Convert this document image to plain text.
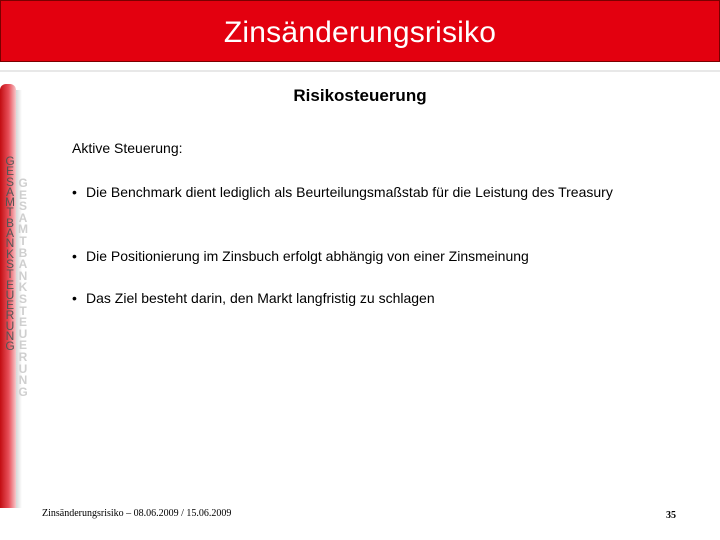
Zinsänderungsrisiko
G
E
S
A
M
T
B
A
N
K
S
T
E
U
E
R
U
N
G
G
E
S
A
M
T
B
A
N
K
S
T
E
U
E
R
U
N
G
Risikosteuerung
Aktive Steuerung:
• Die Benchmark dient lediglich als Beurteilungsmaßstab für die Leistung des Treasury
• Die Positionierung im Zinsbuch erfolgt abhängig von einer Zinsmeinung
• Das Ziel besteht darin, den Markt langfristig zu schlagen
Zinsänderungsrisiko – 08.06.2009 / 15.06.2009	35
